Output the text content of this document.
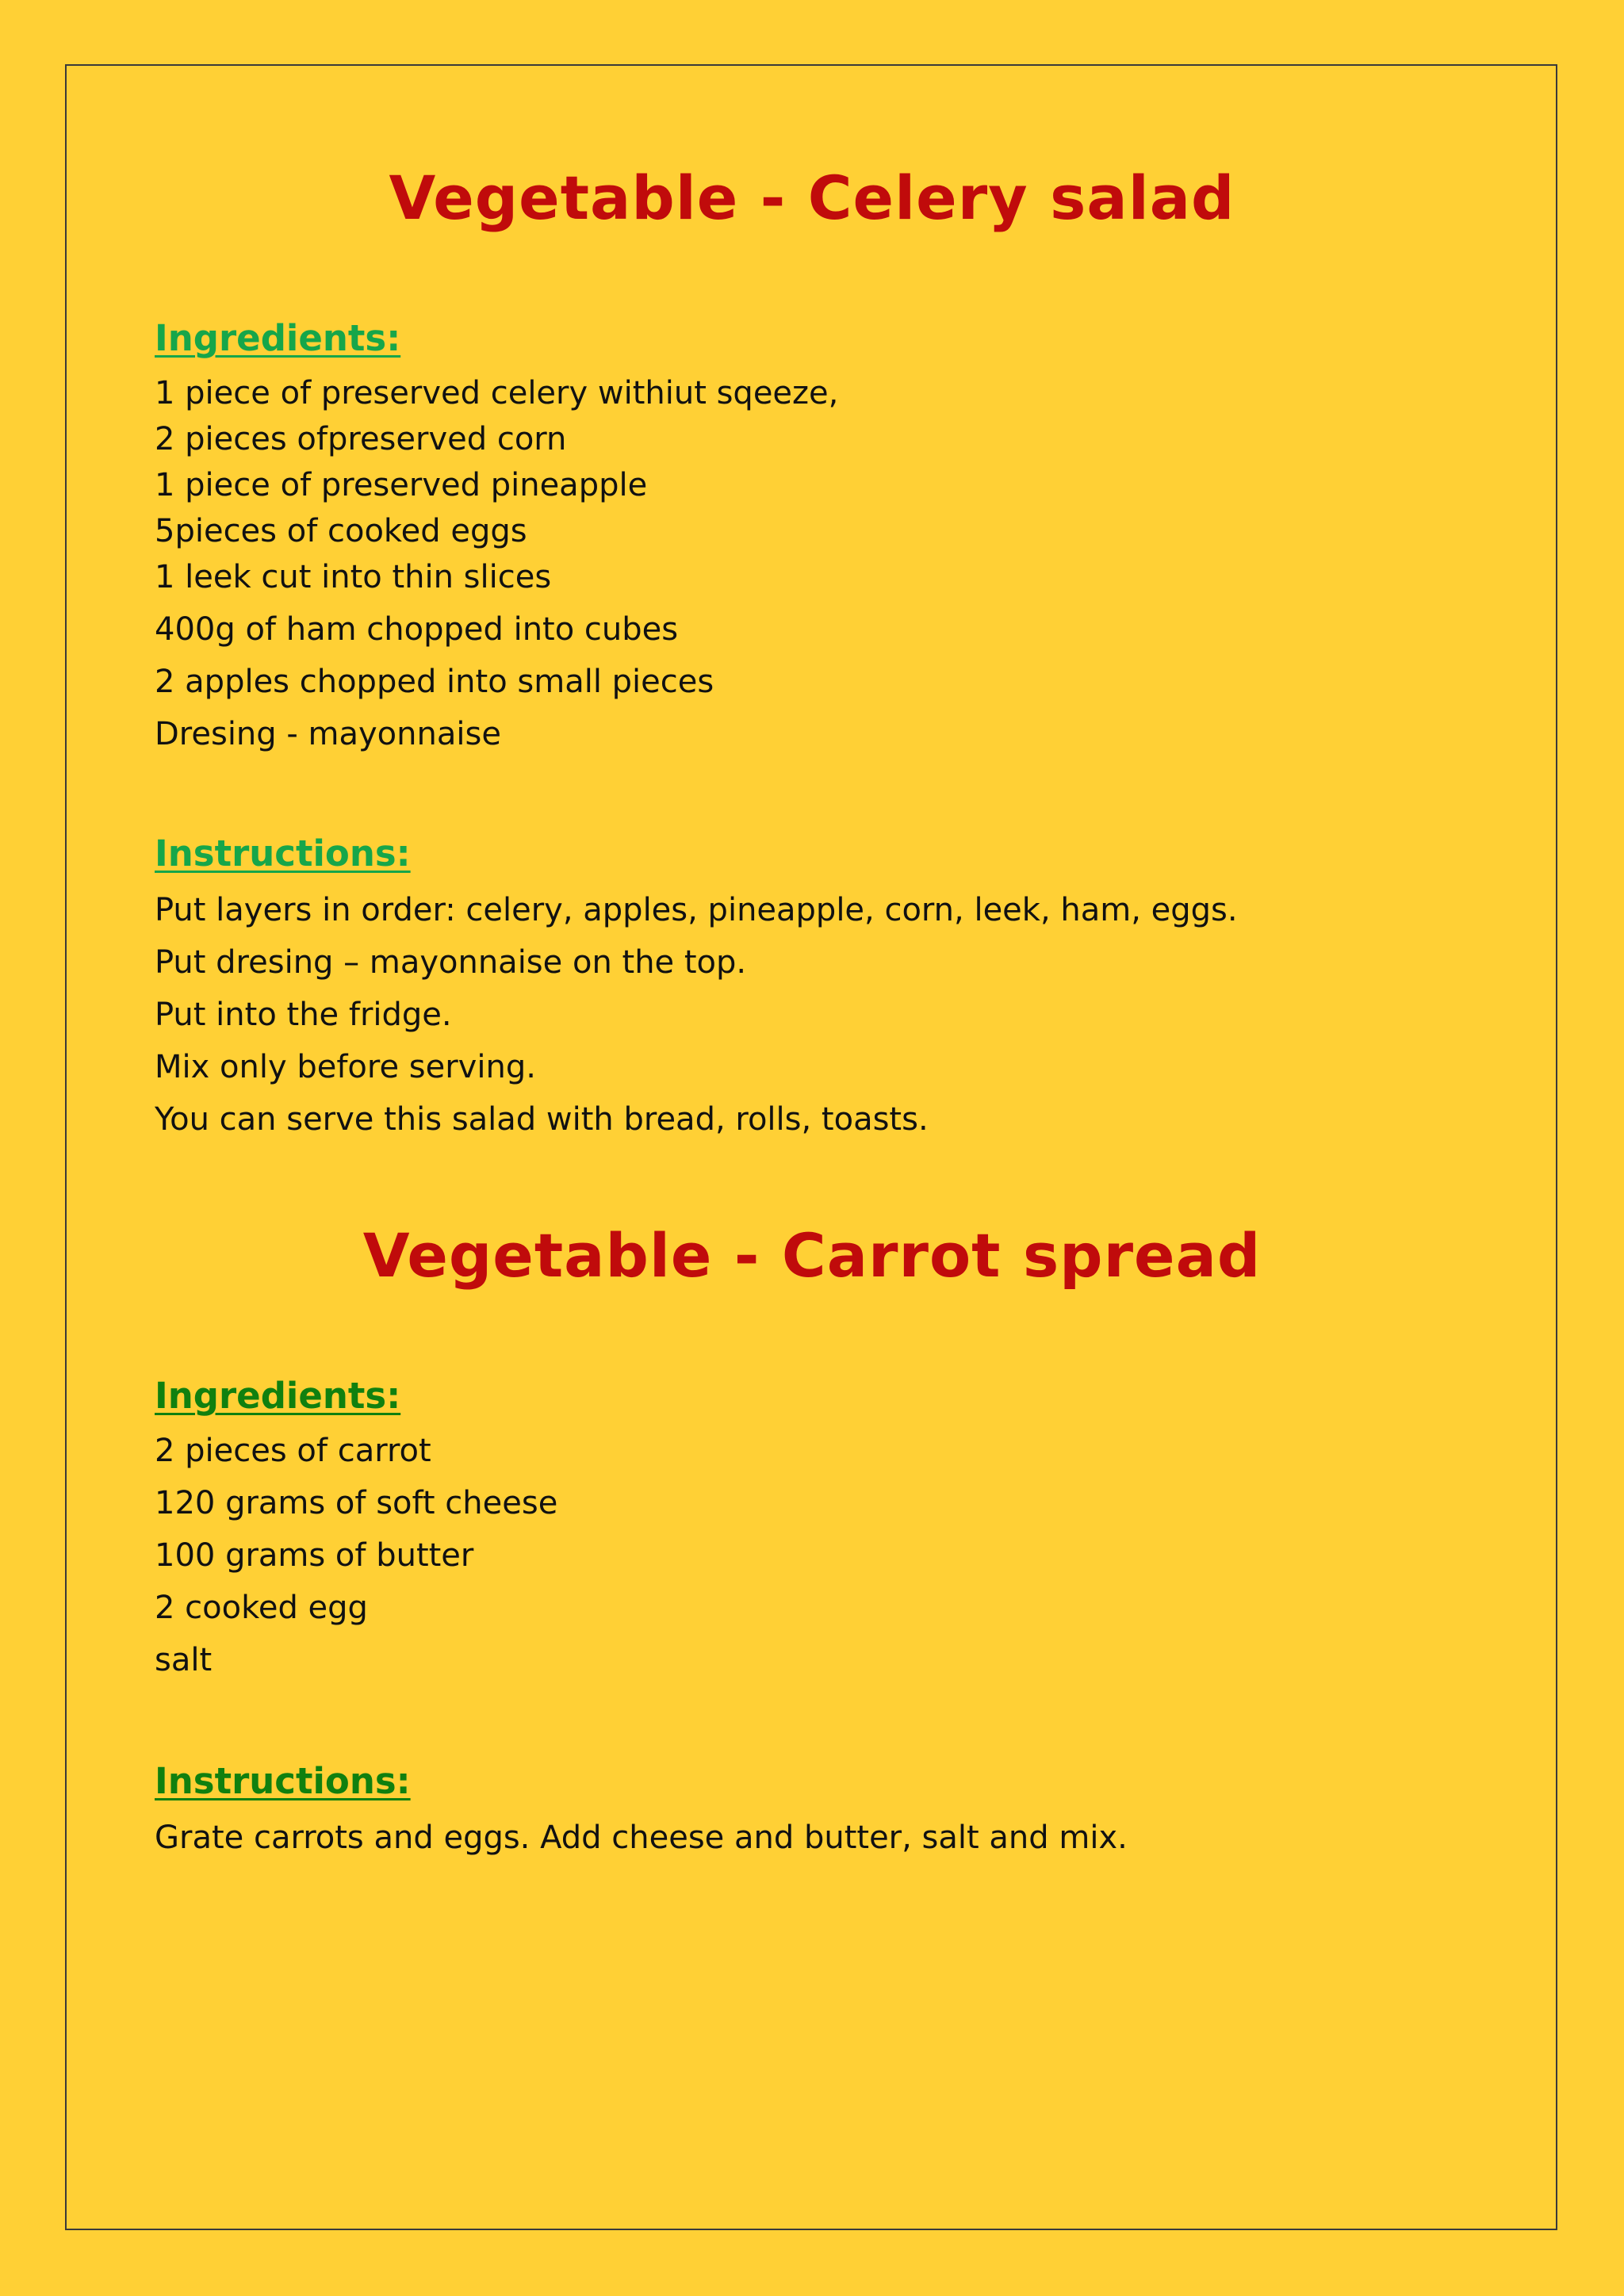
Vegetable - Celery salad
Ingredients:
1 piece of preserved celery withiut sqeeze,
2 pieces ofpreserved corn
1 piece of preserved pineapple
5pieces of cooked eggs
1 leek cut into thin slices
400g of ham chopped into cubes
2 apples chopped into small pieces
Dresing - mayonnaise
Instructions:
Put layers in order: celery, apples, pineapple, corn, leek, ham, eggs.
Put dresing – mayonnaise on the top.
Put into the fridge.
Mix only before serving.
You can serve this salad with bread, rolls, toasts.
Vegetable - Carrot spread
Ingredients:
2 pieces of carrot
120 grams of soft cheese
100 grams of butter
2 cooked egg
salt
Instructions:
Grate carrots and eggs. Add cheese and butter, salt and mix.
